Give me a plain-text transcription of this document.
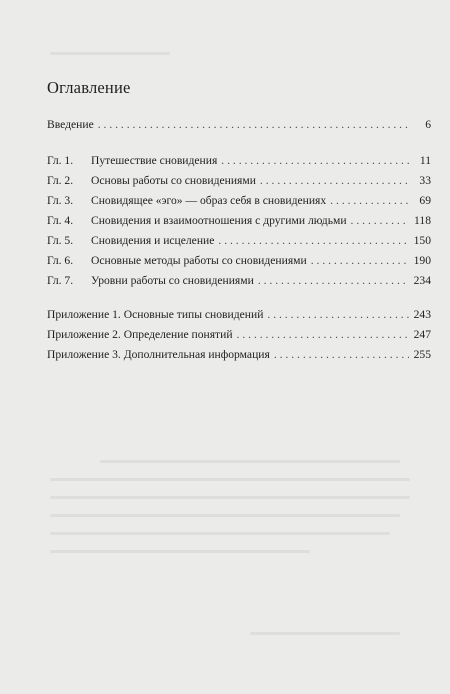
Оглавление
Введение . . .	6
Гл. 1.	Путешествие сновидения . . .	11
Гл. 2.	Основы работы со сновидениями . . .	33
Гл. 3.	Сновидящее «эго» — образ себя в сновидениях . . .	69
Гл. 4.	Сновидения и взаимоотношения с другими людьми . . .	118
Гл. 5.	Сновидения и исцеление . . .	150
Гл. 6.	Основные методы работы со сновидениями . . .	190
Гл. 7.	Уровни работы со сновидениями . . .	234
Приложение 1. Основные типы сновидений . . .	243
Приложение 2. Определение понятий . . .	247
Приложение 3. Дополнительная информация . . .	255
